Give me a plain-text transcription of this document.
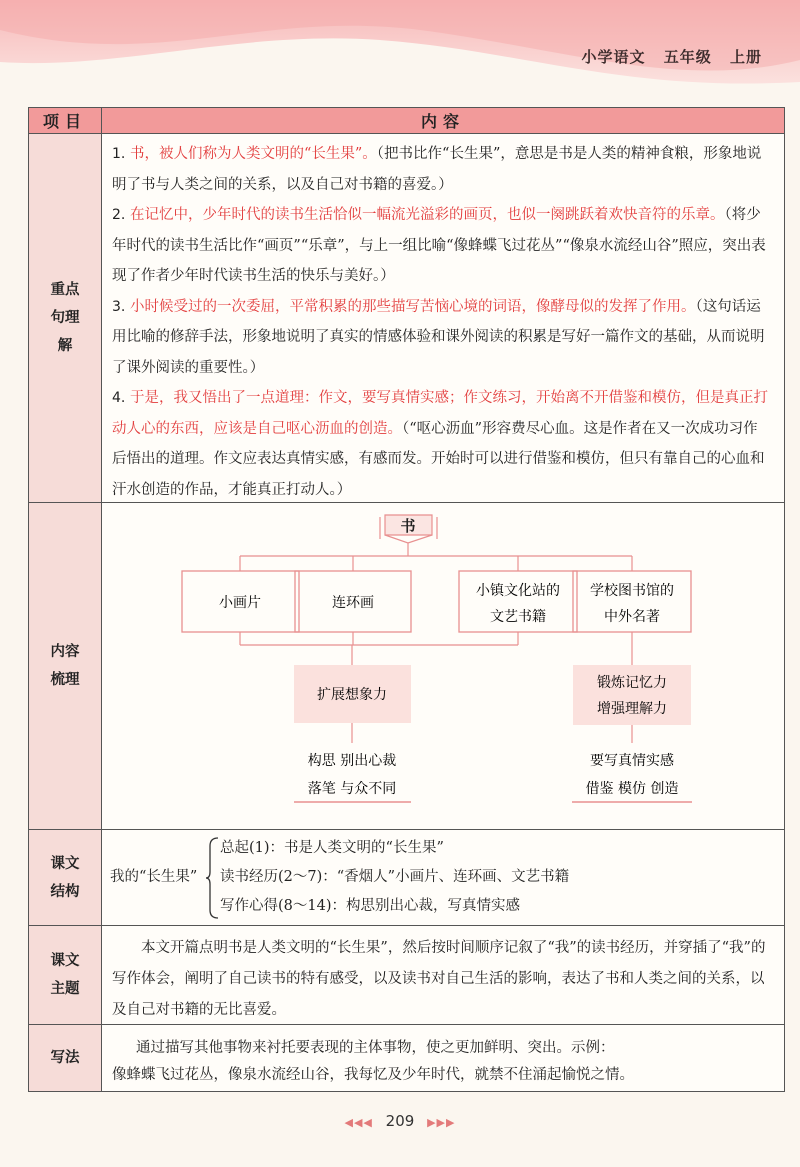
小学语文 五年级 上册
项目	内容
重点句理解

1. 书，被人们称为人类文明的“长生果”。（把书比作“长生果”，意思是书是人类的精神食粮，形象地说明了书与人类之间的关系，以及自己对书籍的喜爱。）

2. 在记忆中，少年时代的读书生活恰似一幅流光溢彩的画页，也似一阕跳跃着欢快音符的乐章。（将少年时代的读书生活比作“画页”“乐章”，与上一组比喻“像蜂蝶飞过花丛”“像泉水流经山谷”照应，突出表现了作者少年时代读书生活的快乐与美好。）

3. 小时候受过的一次委屈，平常积累的那些描写苦恼心境的词语，像酵母似的发挥了作用。（这句话运用比喻的修辞手法，形象地说明了真实的情感体验和课外阅读的积累是写好一篇作文的基础，从而说明了课外阅读的重要性。）

4. 于是，我又悟出了一点道理：作文，要写真情实感；作文练习，开始离不开借鉴和模仿，但是真正打动人心的东西，应该是自己呕心沥血的创造。（“呕心沥血”形容费尽心血。这是作者在又一次成功习作后悟出的道理。作文应表达真情实感，有感而发。开始时可以进行借鉴和模仿，但只有靠自己的心血和汗水创造的作品，才能真正打动人。）

内容梳理
书
小画片	连环画
小镇文化站的
文艺书籍
学校图书馆的
中外名著
扩展想象力
锻炼记忆力
增强理解力
构思 别出心裁
落笔 与众不同
要写真情实感
借鉴 模仿 创造
课文结构
我的“长生果”
总起(1)：书是人类文明的“长生果”
读书经历(2～7)：“香烟人”小画片、连环画、文艺书籍
写作心得(8～14)：构思别出心裁，写真情实感
课文主题
本文开篇点明书是人类文明的“长生果”，然后按时间顺序记叙了“我”的读书经历，并穿插了“我”的写作体会，阐明了自己读书的特有感受，以及读书对自己生活的影响，表达了书和人类之间的关系，以及自己对书籍的无比喜爱。
写法
通过描写其他事物来衬托要表现的主体事物，使之更加鲜明、突出。示例：
像蜂蝶飞过花丛，像泉水流经山谷，我每忆及少年时代，就禁不住涌起愉悦之情。
◀◀◀ 209 ▶▶▶
